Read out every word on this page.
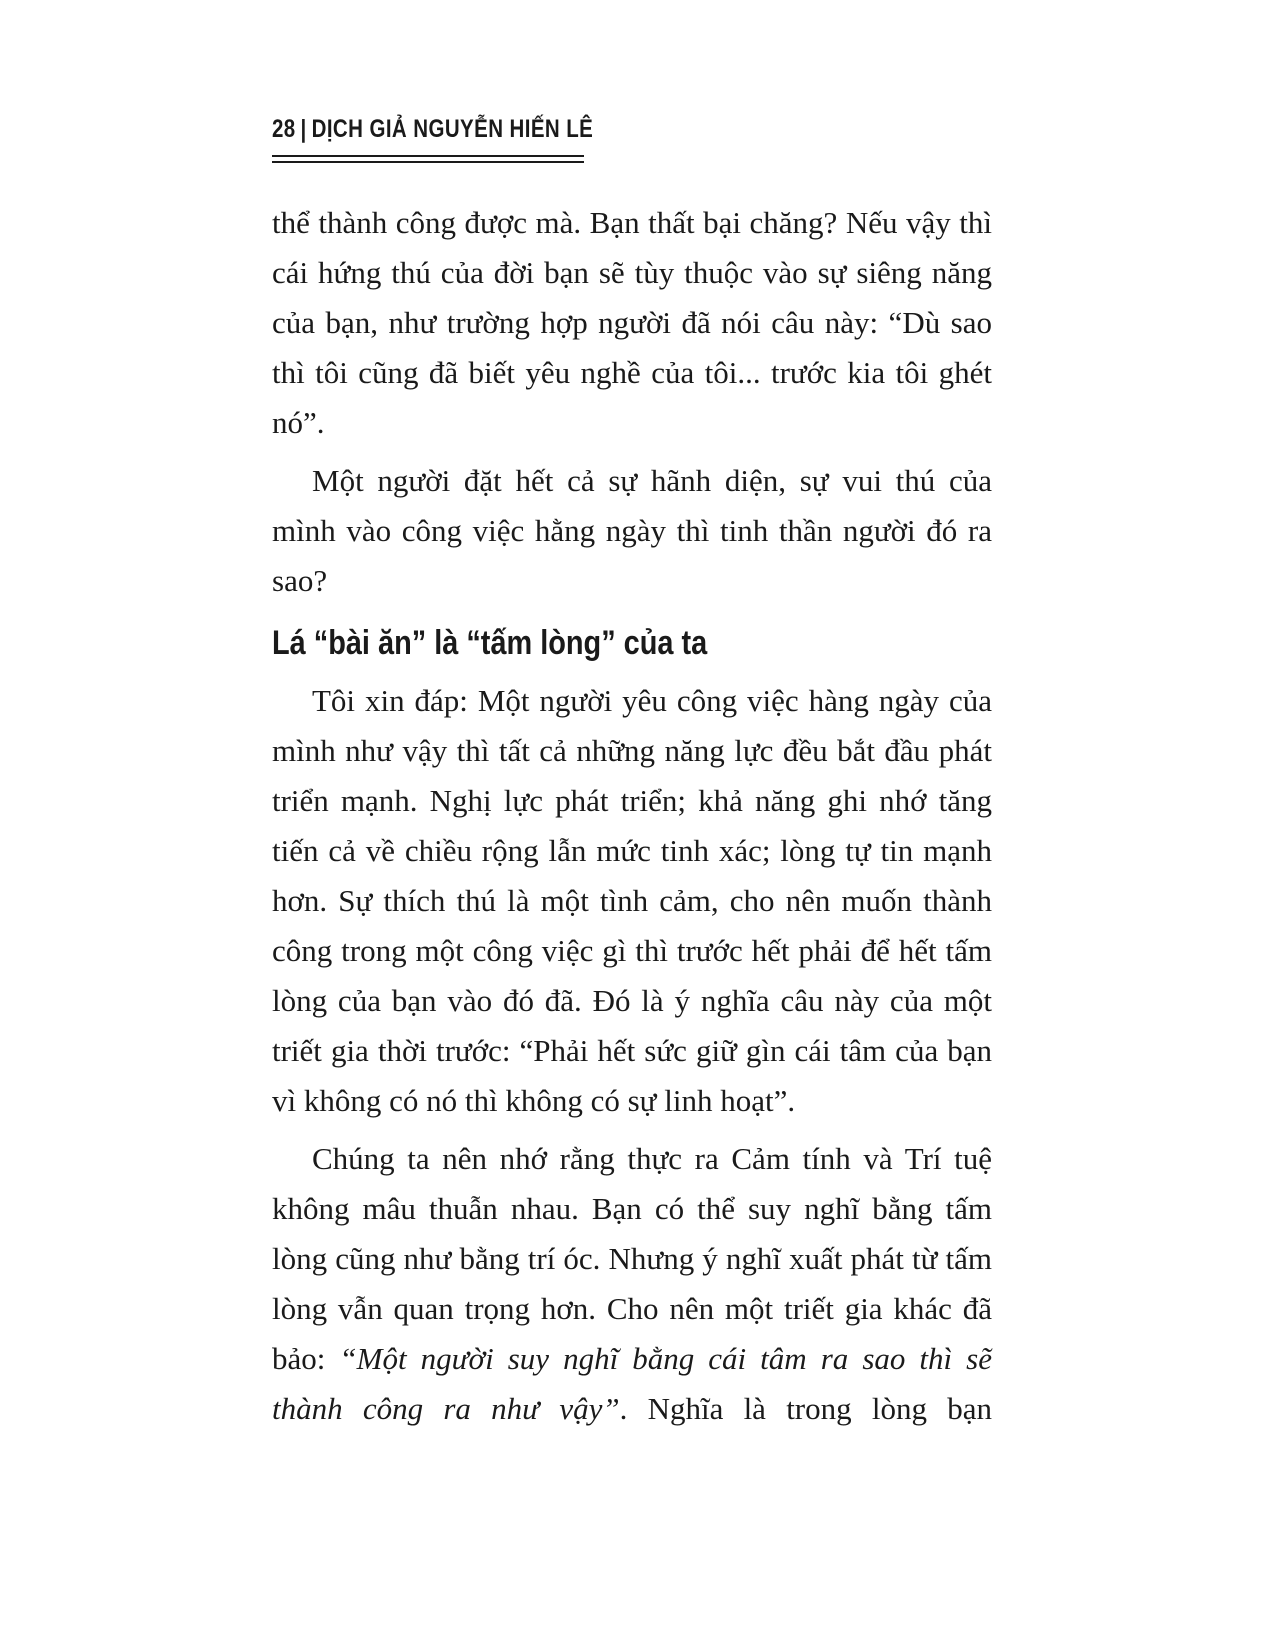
28 | DỊCH GIẢ NGUYỄN HIẾN LÊ

thể thành công được mà. Bạn thất bại chăng? Nếu vậy thì cái hứng thú của đời bạn sẽ tùy thuộc vào sự siêng năng của bạn, như trường hợp người đã nói câu này: “Dù sao thì tôi cũng đã biết yêu nghề của tôi... trước kia tôi ghét nó”.

Một người đặt hết cả sự hãnh diện, sự vui thú của mình vào công việc hằng ngày thì tinh thần người đó ra sao?

Lá “bài ăn” là “tấm lòng” của ta

Tôi xin đáp: Một người yêu công việc hàng ngày của mình như vậy thì tất cả những năng lực đều bắt đầu phát triển mạnh. Nghị lực phát triển; khả năng ghi nhớ tăng tiến cả về chiều rộng lẫn mức tinh xác; lòng tự tin mạnh hơn. Sự thích thú là một tình cảm, cho nên muốn thành công trong một công việc gì thì trước hết phải để hết tấm lòng của bạn vào đó đã. Đó là ý nghĩa câu này của một triết gia thời trước: “Phải hết sức giữ gìn cái tâm của bạn vì không có nó thì không có sự linh hoạt”.

Chúng ta nên nhớ rằng thực ra Cảm tính và Trí tuệ không mâu thuẫn nhau. Bạn có thể suy nghĩ bằng tấm lòng cũng như bằng trí óc. Nhưng ý nghĩ xuất phát từ tấm lòng vẫn quan trọng hơn. Cho nên một triết gia khác đã bảo: “Một người suy nghĩ bằng cái tâm ra sao thì sẽ thành công ra như vậy”. Nghĩa là trong lòng bạn
